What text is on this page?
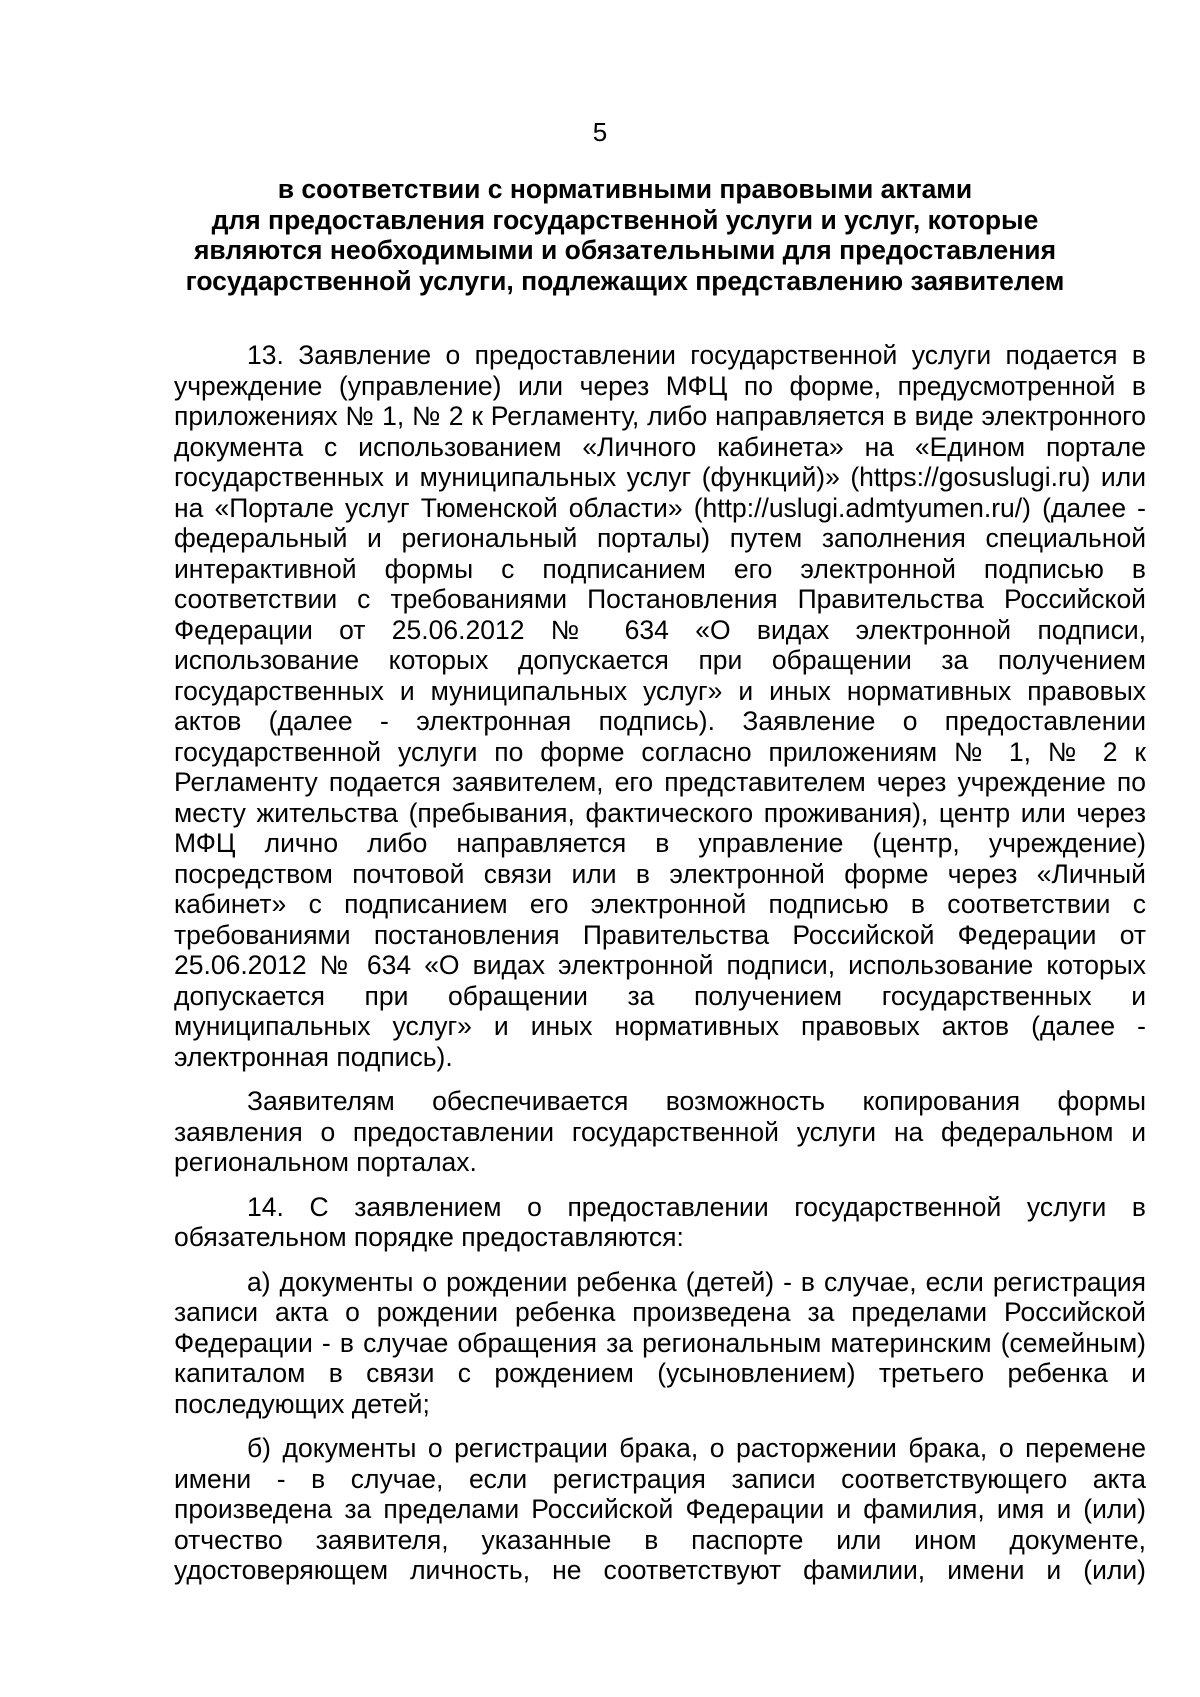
5
в соответствии с нормативными правовыми актами
для предоставления государственной услуги и услуг, которые
являются необходимыми и обязательными для предоставления
государственной услуги, подлежащих представлению заявителем

13. Заявление о предоставлении государственной услуги подается в учреждение (управление) или через МФЦ по форме, предусмотренной в приложениях № 1, № 2 к Регламенту, либо направляется в виде электронного документа с использованием «Личного кабинета» на «Едином портале государственных и муниципальных услуг (функций)» (https://gosuslugi.ru) или на «Портале услуг Тюменской области» (http://uslugi.admtyumen.ru/) (далее - федеральный и региональный порталы) путем заполнения специальной интерактивной формы с подписанием его электронной подписью в соответствии с требованиями Постановления Правительства Российской Федерации от 25.06.2012 № 634 «О видах электронной подписи, использование которых допускается при обращении за получением государственных и муниципальных услуг» и иных нормативных правовых актов (далее - электронная подпись). Заявление о предоставлении государственной услуги по форме согласно приложениям № 1, № 2 к Регламенту подается заявителем, его представителем через учреждение по месту жительства (пребывания, фактического проживания), центр или через МФЦ лично либо направляется в управление (центр, учреждение) посредством почтовой связи или в электронной форме через «Личный кабинет» с подписанием его электронной подписью в соответствии с требованиями постановления Правительства Российской Федерации от 25.06.2012 № 634 «О видах электронной подписи, использование которых допускается при обращении за получением государственных и муниципальных услуг» и иных нормативных правовых актов (далее - электронная подпись).

Заявителям обеспечивается возможность копирования формы заявления о предоставлении государственной услуги на федеральном и региональном порталах.

14. С заявлением о предоставлении государственной услуги в обязательном порядке предоставляются:

а) документы о рождении ребенка (детей) - в случае, если регистрация записи акта о рождении ребенка произведена за пределами Российской Федерации - в случае обращения за региональным материнским (семейным) капиталом в связи с рождением (усыновлением) третьего ребенка и последующих детей;

б) документы о регистрации брака, о расторжении брака, о перемене имени - в случае, если регистрация записи соответствующего акта произведена за пределами Российской Федерации и фамилия, имя и (или) отчество заявителя, указанные в паспорте или ином документе, удостоверяющем личность, не соответствуют фамилии, имени и (или)
